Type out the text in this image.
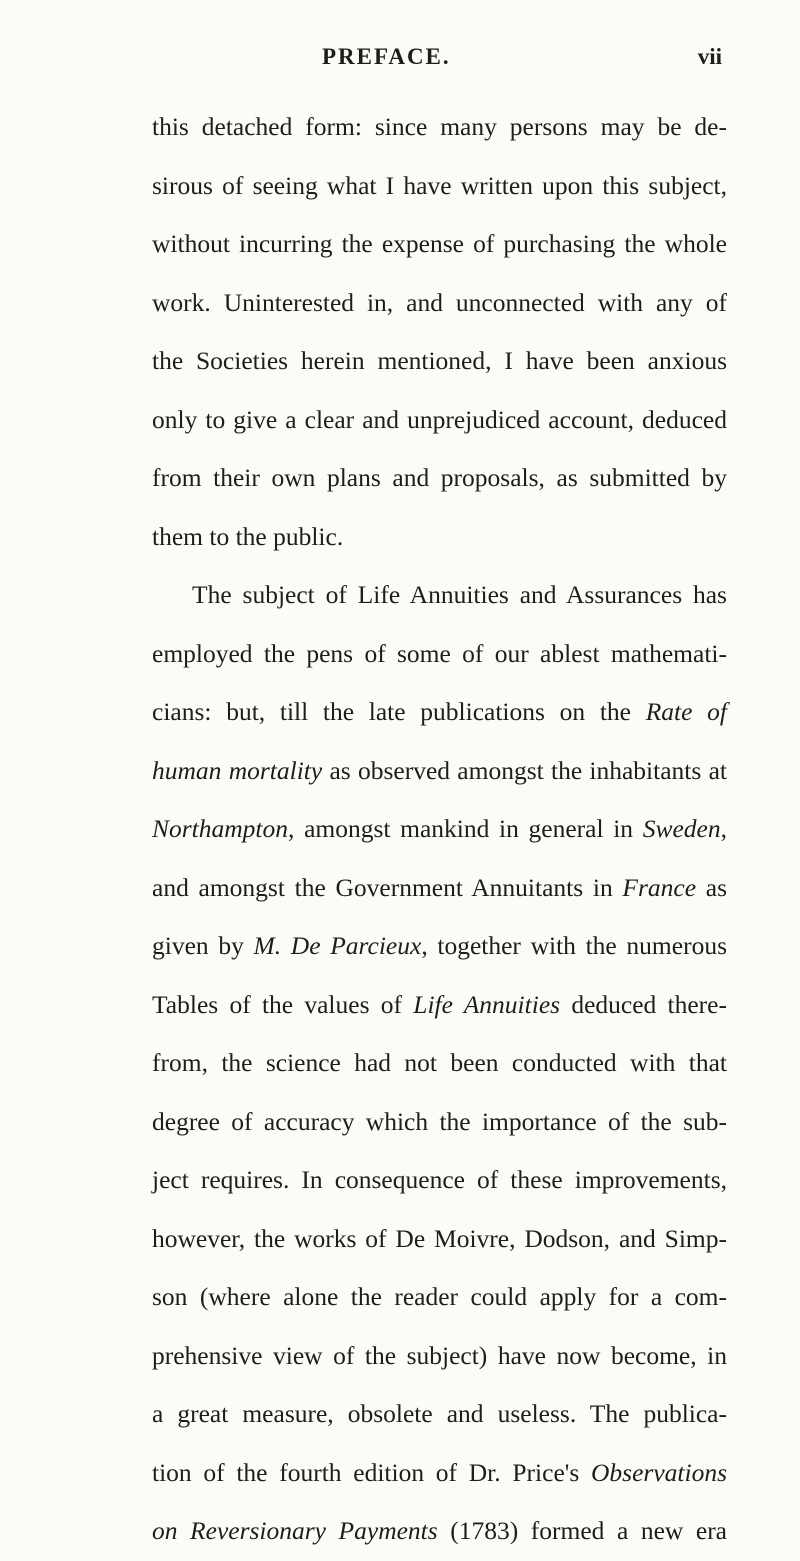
PREFACE.	vii
this detached form: since many persons may be de-
sirous of seeing what I have written upon this subject,
without incurring the expense of purchasing the whole
work. Uninterested in, and unconnected with any of
the Societies herein mentioned, I have been anxious
only to give a clear and unprejudiced account, deduced
from their own plans and proposals, as submitted by
them to the public.
The subject of Life Annuities and Assurances has
employed the pens of some of our ablest mathemati-
cians: but, till the late publications on the Rate of
human mortality as observed amongst the inhabitants at
Northampton, amongst mankind in general in Sweden,
and amongst the Government Annuitants in France as
given by M. De Parcieux, together with the numerous
Tables of the values of Life Annuities deduced there-
from, the science had not been conducted with that
degree of accuracy which the importance of the sub-
ject requires. In consequence of these improvements,
however, the works of De Moivre, Dodson, and Simp-
son (where alone the reader could apply for a com-
prehensive view of the subject) have now become, in
a great measure, obsolete and useless. The publica-
tion of the fourth edition of Dr. Price's Observations
on Reversionary Payments (1783) formed a new era
